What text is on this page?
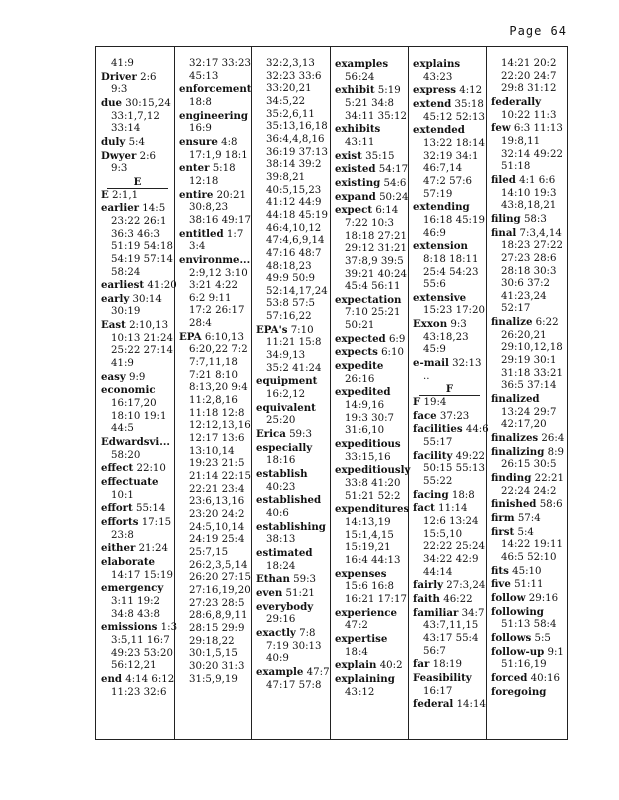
Page 64
41:9
Driver 2:6
9:3
due 30:15,24
33:1,7,12
33:14
duly 5:4
Dwyer 2:6
9:3
E
E 2:1,1
earlier 14:5
23:22 26:1
36:3 46:3
51:19 54:18
54:19 57:14
58:24
earliest 41:20
early 30:14
30:19
East 2:10,13
10:13 21:24
25:22 27:14
41:9
easy 9:9
economic
16:17,20
18:10 19:1
44:5
Edwardsvi...
58:20
effect 22:10
effectuate
10:1
effort 55:14
efforts 17:15
23:8
either 21:24
elaborate
14:17 15:19
emergency
3:11 19:2
34:8 43:8
emissions 1:3
3:5,11 16:7
49:23 53:20
56:12,21
end 4:14 6:12
11:23 32:6
32:17 33:23
45:13
enforcement
18:8
engineering
16:9
ensure 4:8
17:1,9 18:1
enter 5:18
12:18
entire 20:21
30:8,23
38:16 49:17
entitled 1:7
3:4
environme...
2:9,12 3:10
3:21 4:22
6:2 9:11
17:2 26:17
28:4
EPA 6:10,13
6:20,22 7:2
7:7,11,18
7:21 8:10
8:13,20 9:4
11:2,8,16
11:18 12:8
12:12,13,16
12:17 13:6
13:10,14
19:23 21:5
21:14 22:15
22:21 23:4
23:6,13,16
23:20 24:2
24:5,10,14
24:19 25:4
25:7,15
26:2,3,5,14
26:20 27:15
27:16,19,20
27:23 28:5
28:6,8,9,11
28:15 29:9
29:18,22
30:1,5,15
30:20 31:3
31:5,9,19
32:2,3,13
32:23 33:6
33:20,21
34:5,22
35:2,6,11
35:13,16,18
36:4,4,8,16
36:19 37:13
38:14 39:2
39:8,21
40:5,15,23
41:12 44:9
44:18 45:19
46:4,10,12
47:4,6,9,14
47:16 48:7
48:18,23
49:9 50:9
52:14,17,24
53:8 57:5
57:16,22
EPA's 7:10
11:21 15:8
34:9,13
35:2 41:24
equipment
16:2,12
equivalent
25:20
Erica 59:3
especially
18:16
establish
40:23
established
40:6
establishing
38:13
estimated
18:24
Ethan 59:3
even 51:21
everybody
29:16
exactly 7:8
7:19 30:13
40:9
example 47:7
47:17 57:8
examples
56:24
exhibit 5:19
5:21 34:8
34:11 35:12
exhibits
43:11
exist 35:15
existed 54:17
existing 54:6
expand 50:24
expect 6:14
7:22 10:3
18:18 27:21
29:12 31:21
37:8,9 39:5
39:21 40:24
45:4 56:11
expectation
7:10 25:21
50:21
expected 6:9
expects 6:10
expedite
26:16
expedited
14:9,16
19:3 30:7
31:6,10
expeditious
33:15,16
expeditiously
33:8 41:20
51:21 52:2
expenditures
14:13,19
15:1,4,15
15:19,21
16:4 44:13
expenses
15:6 16:8
16:21 17:17
experience
47:2
expertise
18:4
explain 40:2
explaining
43:12
explains
43:23
express 4:12
extend 35:18
45:12 52:13
extended
13:22 18:14
32:19 34:1
46:7,14
47:2 57:6
57:19
extending
16:18 45:19
46:9
extension
8:18 18:11
25:4 54:23
55:6
extensive
15:23 17:20
Exxon 9:3
43:18,23
45:9
e-mail 32:13
..
F
F 19:4
face 37:23
facilities 44:6
55:17
facility 49:22
50:15 55:13
55:22
facing 18:8
fact 11:14
12:6 13:24
15:5,10
22:22 25:24
34:22 42:9
44:14
fairly 27:3,24
faith 46:22
familiar 34:7
43:7,11,15
43:17 55:4
56:7
far 18:19
Feasibility
16:17
federal 14:14
14:21 20:2
22:20 24:7
29:8 31:12
federally
10:22 11:3
few 6:3 11:13
19:8,11
32:14 49:22
51:18
filed 4:1 6:6
14:10 19:3
43:8,18,21
filing 58:3
final 7:3,4,14
18:23 27:22
27:23 28:6
28:18 30:3
30:6 37:2
41:23,24
52:17
finalize 6:22
26:20,21
29:10,12,18
29:19 30:1
31:18 33:21
36:5 37:14
finalized
13:24 29:7
42:17,20
finalizes 26:4
finalizing 8:9
26:15 30:5
finding 22:21
22:24 24:2
finished 58:6
firm 57:4
first 5:4
14:22 19:11
46:5 52:10
fits 45:10
five 51:11
follow 29:16
following
51:13 58:4
follows 5:5
follow-up 9:1
51:16,19
forced 40:16
foregoing
